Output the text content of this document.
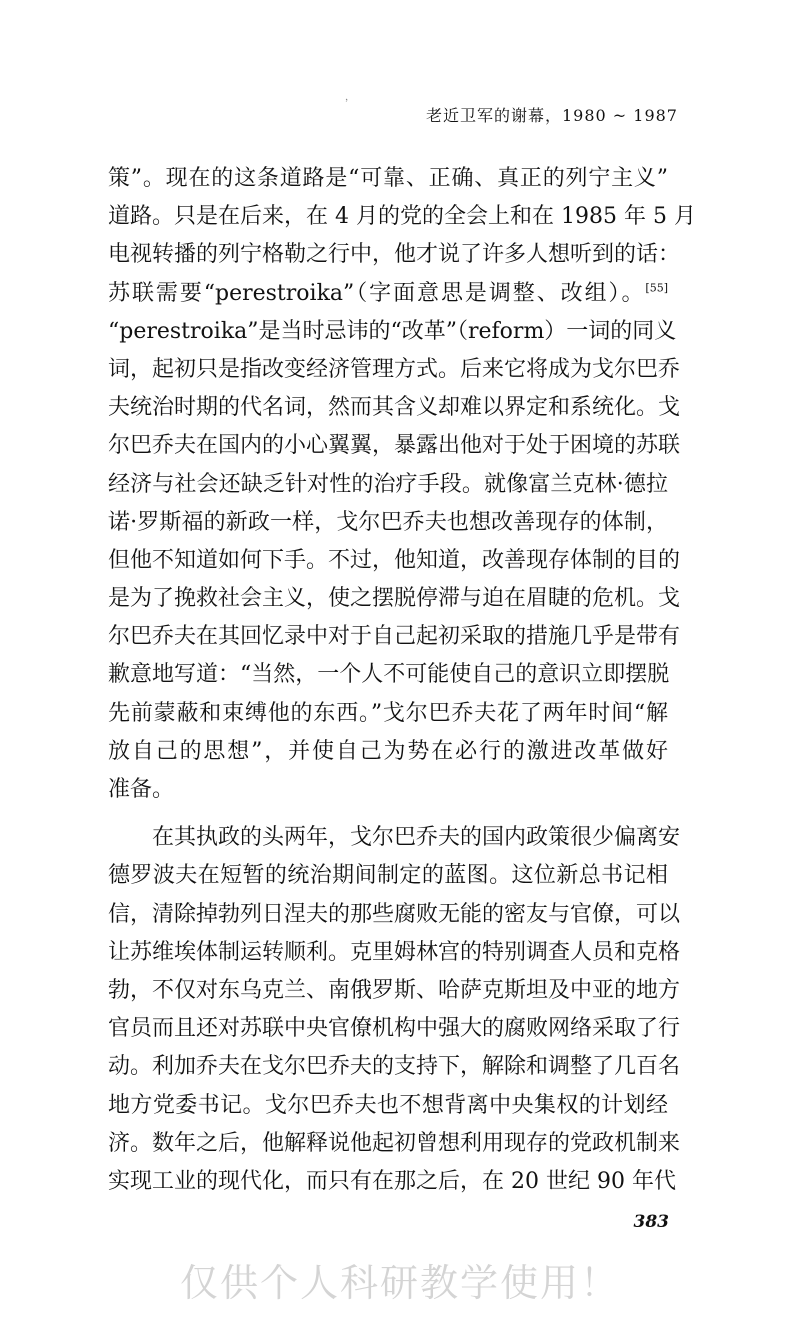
，
老近卫军的谢幕，1980 ~ 1987
策”。现在的这条道路是“可靠、正确、真正的列宁主义”
道路。只是在后来，在 4 月的党的全会上和在 1985 年 5 月
电视转播的列宁格勒之行中，他才说了许多人想听到的话：
苏联需要“perestroika”（字面意思是调整、改组）。[55]
“perestroika”是当时忌讳的“改革”（reform）一词的同义
词，起初只是指改变经济管理方式。后来它将成为戈尔巴乔
夫统治时期的代名词，然而其含义却难以界定和系统化。戈
尔巴乔夫在国内的小心翼翼，暴露出他对于处于困境的苏联
经济与社会还缺乏针对性的治疗手段。就像富兰克林·德拉
诺·罗斯福的新政一样，戈尔巴乔夫也想改善现存的体制，
但他不知道如何下手。不过，他知道，改善现存体制的目的
是为了挽救社会主义，使之摆脱停滞与迫在眉睫的危机。戈
尔巴乔夫在其回忆录中对于自己起初采取的措施几乎是带有
歉意地写道：“当然，一个人不可能使自己的意识立即摆脱
先前蒙蔽和束缚他的东西。”戈尔巴乔夫花了两年时间“解
放自己的思想”，并使自己为势在必行的激进改革做好
准备。
在其执政的头两年，戈尔巴乔夫的国内政策很少偏离安
德罗波夫在短暂的统治期间制定的蓝图。这位新总书记相
信，清除掉勃列日涅夫的那些腐败无能的密友与官僚，可以
让苏维埃体制运转顺利。克里姆林宫的特别调查人员和克格
勃，不仅对东乌克兰、南俄罗斯、哈萨克斯坦及中亚的地方
官员而且还对苏联中央官僚机构中强大的腐败网络采取了行
动。利加乔夫在戈尔巴乔夫的支持下，解除和调整了几百名
地方党委书记。戈尔巴乔夫也不想背离中央集权的计划经
济。数年之后，他解释说他起初曾想利用现存的党政机制来
实现工业的现代化，而只有在那之后，在 20 世纪 90 年代
383
仅供个人科研教学使用！
